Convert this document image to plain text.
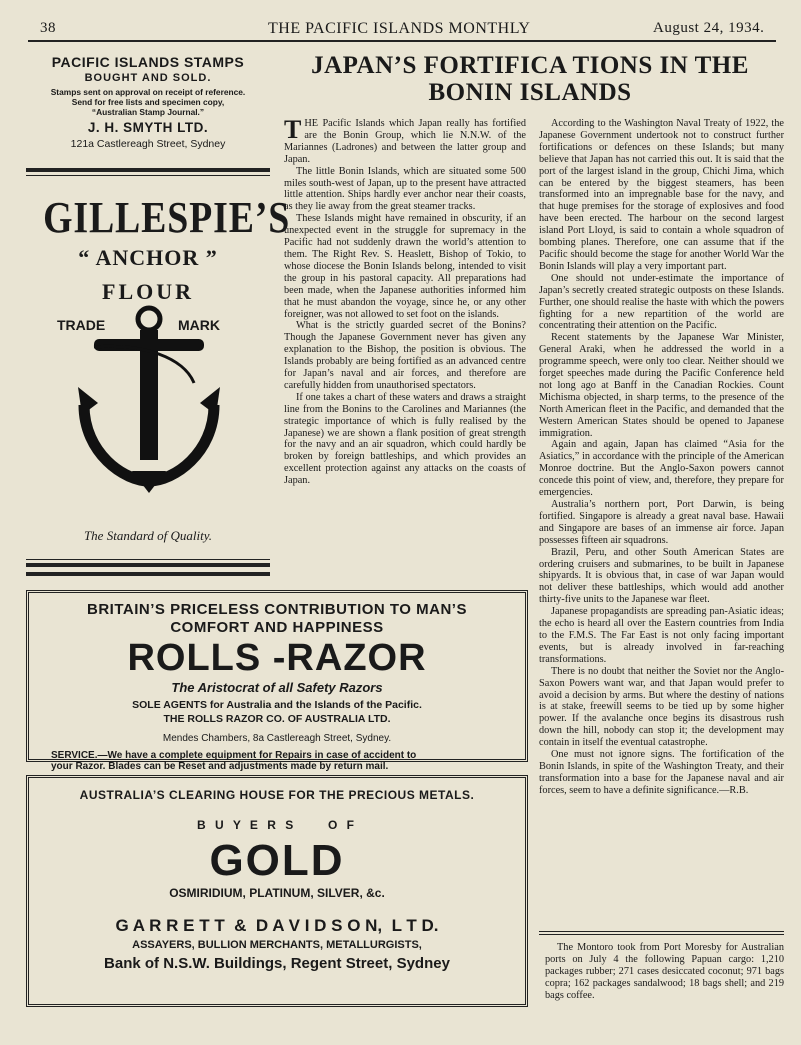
38	THE PACIFIC ISLANDS MONTHLY	August 24, 1934.
PACIFIC ISLANDS STAMPS
BOUGHT AND SOLD.
Stamps sent on approval on receipt of reference.
Send for free lists and specimen copy,
“Australian Stamp Journal.”
J. H. SMYTH LTD.
121a Castlereagh Street, Sydney
GILLESPIE’S
“ ANCHOR ”
FLOUR
TRADE	MARK
The Standard of Quality.
JAPAN’S FORTIFICA TIONS IN THE
BONIN ISLANDS

THE Pacific Islands which Japan really has fortified are the Bonin Group, which lie N.N.W. of the Mariannes (Ladrones) and between the latter group and Japan.

The little Bonin Islands, which are situated some 500 miles south-west of Japan, up to the present have attracted little attention. Ships hardly ever anchor near their coasts, as they lie away from the great steamer tracks.

These Islands might have remained in obscurity, if an unexpected event in the struggle for supremacy in the Pacific had not suddenly drawn the world’s attention to them. The Right Rev. S. Heaslett, Bishop of Tokio, to whose diocese the Bonin Islands belong, intended to visit the group in his pastoral capacity. All preparations had been made, when the Japanese authorities informed him that he must abandon the voyage, since he, or any other foreigner, was not allowed to set foot on the islands.

What is the strictly guarded secret of the Bonins? Though the Japanese Government never has given any explanation to the Bishop, the position is obvious. The Islands probably are being fortified as an advanced centre for Japan’s naval and air forces, and therefore are carefully hidden from unauthorised spectators.

If one takes a chart of these waters and draws a straight line from the Bonins to the Carolines and Mariannes (the strategic importance of which is fully realised by the Japanese) we are shown a flank position of great strength for the navy and an air squadron, which could hardly be broken by foreign battleships, and which provides an excellent protection against any attacks on the coasts of Japan.

According to the Washington Naval Treaty of 1922, the Japanese Government undertook not to construct further fortifications or defences on these Islands; but many believe that Japan has not carried this out. It is said that the port of the largest island in the group, Chichi Jima, which can be entered by the biggest steamers, has been transformed into an impregnable base for the navy, and that huge premises for the storage of explosives and food have been erected. The harbour on the second largest island Port Lloyd, is said to contain a whole squadron of bombing planes. Therefore, one can assume that if the Pacific should become the stage for another World War the Bonin Islands will play a very important part.

One should not under-estimate the importance of Japan’s secretly created strategic outposts on these Islands. Further, one should realise the haste with which the powers fighting for a new repartition of the world are concentrating their attention on the Pacific.

Recent statements by the Japanese War Minister, General Araki, when he addressed the world in a programme speech, were only too clear. Neither should we forget speeches made during the Pacific Conference held not long ago at Banff in the Canadian Rockies. Count Michisma objected, in sharp terms, to the presence of the North American fleet in the Pacific, and demanded that the Western American States should be opened to Japanese immigration.

Again and again, Japan has claimed “Asia for the Asiatics,” in accordance with the principle of the American Monroe doctrine. But the Anglo-Saxon powers cannot concede this point of view, and, therefore, they prepare for emergencies.

Australia’s northern port, Port Darwin, is being fortified. Singapore is already a great naval base. Hawaii and Singapore are bases of an immense air force. Japan possesses fifteen air squadrons.

Brazil, Peru, and other South American States are ordering cruisers and submarines, to be built in Japanese shipyards. It is obvious that, in case of war Japan would not deliver these battleships, which would add another thirty-five units to the Japanese war fleet.

Japanese propagandists are spreading pan-Asiatic ideas; the echo is heard all over the Eastern countries from India to the F.M.S. The Far East is not only facing important events, but is already involved in far-reaching transformations.

There is no doubt that neither the Soviet nor the Anglo-Saxon Powers want war, and that Japan would prefer to avoid a decision by arms. But where the destiny of nations is at stake, freewill seems to be tied up by some higher power. If the avalanche once begins its disastrous rush down the hill, nobody can stop it; the development may contain in itself the eventual catastrophe.

One must not ignore signs. The fortification of the Bonin Islands, in spite of the Washington Treaty, and their transformation into a base for the Japanese naval and air forces, seem to have a definite significance.—R.B.

The Montoro took from Port Moresby for Australian ports on July 4 the following Papuan cargo: 1,210 packages rubber; 271 cases desiccated coconut; 971 bags copra; 162 packages sandalwood; 18 bags shell; and 219 bags coffee.

BRITAIN’S PRICELESS CONTRIBUTION TO MAN’S
COMFORT AND HAPPINESS
ROLLS -RAZOR
The Aristocrat of all Safety Razors
SOLE AGENTS for Australia and the Islands of the Pacific.
THE ROLLS RAZOR CO. OF AUSTRALIA LTD.
Mendes Chambers, 8a Castlereagh Street, Sydney.
SERVICE.—We have a complete equipment for Repairs in case of accident to
your Razor. Blades can be Reset and adjustments made by return mail.
AUSTRALIA’S CLEARING HOUSE FOR THE PRECIOUS METALS.
B U Y E R S     O F
GOLD
OSMIRIDIUM, PLATINUM, SILVER, &c.
G A R R E T T  &  D A V I D S O N,  L T D.
ASSAYERS, BULLION MERCHANTS, METALLURGISTS,
Bank of N.S.W. Buildings, Regent Street, Sydney
